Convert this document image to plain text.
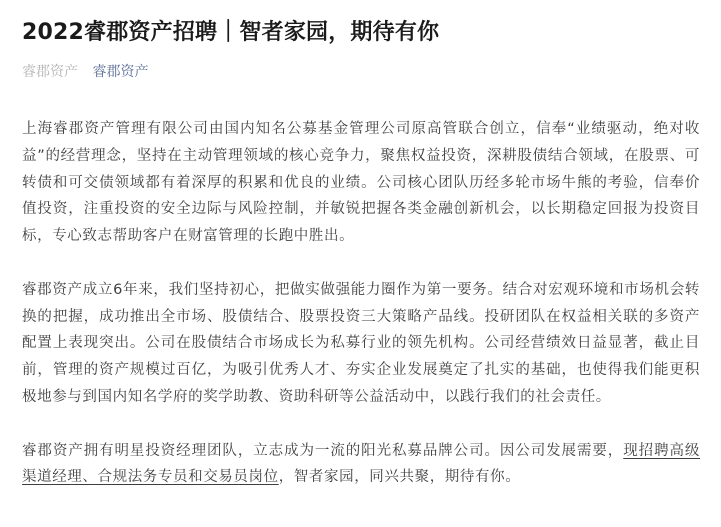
2022睿郡资产招聘｜智者家园，期待有你
睿郡资产 睿郡资产

上海睿郡资产管理有限公司由国内知名公募基金管理公司原高管联合创立，信奉“业绩驱动，绝对收益”的经营理念，坚持在主动管理领域的核心竞争力，聚焦权益投资，深耕股债结合领域，在股票、可转债和可交债领域都有着深厚的积累和优良的业绩。公司核心团队历经多轮市场牛熊的考验，信奉价值投资，注重投资的安全边际与风险控制，并敏锐把握各类金融创新机会，以长期稳定回报为投资目标，专心致志帮助客户在财富管理的长跑中胜出。

睿郡资产成立6年来，我们坚持初心，把做实做强能力圈作为第一要务。结合对宏观环境和市场机会转换的把握，成功推出全市场、股债结合、股票投资三大策略产品线。投研团队在权益相关联的多资产配置上表现突出。公司在股债结合市场成长为私募行业的领先机构。公司经营绩效日益显著，截止目前，管理的资产规模过百亿，为吸引优秀人才、夯实企业发展奠定了扎实的基础，也使得我们能更积极地参与到国内知名学府的奖学助教、资助科研等公益活动中，以践行我们的社会责任。

睿郡资产拥有明星投资经理团队，立志成为一流的阳光私募品牌公司。因公司发展需要，现招聘高级渠道经理、合规法务专员和交易员岗位，智者家园，同兴共聚，期待有你。
